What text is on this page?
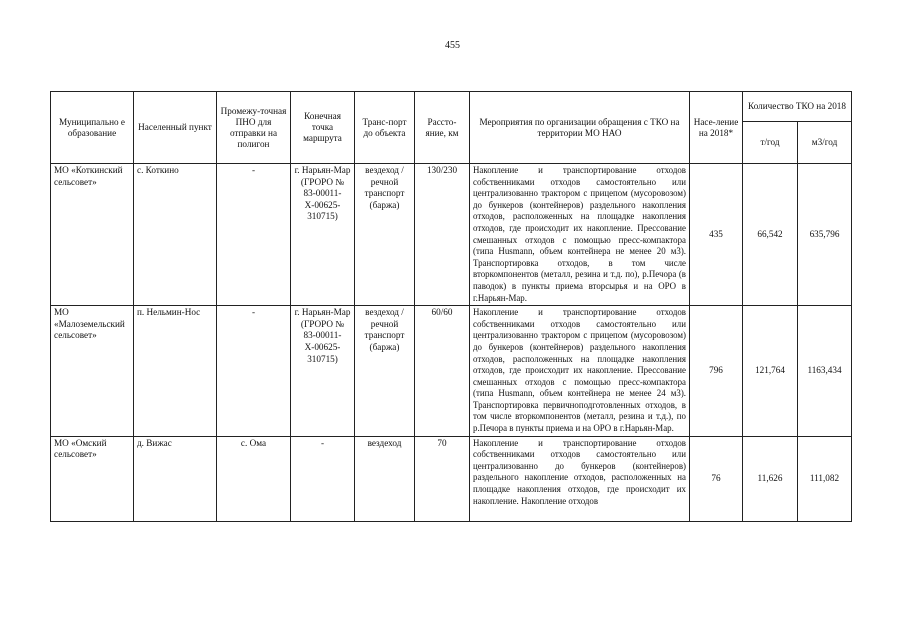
455
Муниципально е образование	Населенный пункт	Промежу-точная ПНО для отправки на полигон	Конечная точка маршрута	Транс-порт до объекта	Рассто-яние, км	Мероприятия по организации обращения с ТКО на территории МО НАО	Насе-ление на 2018*	Количество ТКО на 2018	
								т/год	м3/год
МО «Коткинский сельсовет»	с. Коткино	-	г. Нарьян-Мар (ГРОРО № 83-00011-Х-00625-310715)	вездеход / речной транспорт (баржа)	130/230	Накопление и транспортирование отходов собственниками отходов самостоятельно или централизованно трактором с прицепом (мусоровозом) до бункеров (контейнеров) раздельного накопления отходов, расположенных на площадке накопления отходов, где происходит их накопление. Прессование смешанных отходов с помощью пресс-компактора (типа Husmann, объем контейнера не менее 20 м3). Транспортировка отходов, в том числе вторкомпонентов (металл, резина и т.д. по), р.Печора (в паводок) в пункты приема вторсырья и на ОРО в г.Нарьян-Мар.	435	66,542	635,796
МО «Малоземельский сельсовет»	п. Нельмин-Нос	-	г. Нарьян-Мар (ГРОРО № 83-00011-Х-00625-310715)	вездеход / речной транспорт (баржа)	60/60	Накопление и транспортирование отходов собственниками отходов самостоятельно или централизованно трактором с прицепом (мусоровозом) до бункеров (контейнеров) раздельного накопления отходов, расположенных на площадке накопления отходов, где происходит их накопление. Прессование смешанных отходов с помощью пресс-компактора (типа Husmann, объем контейнера не менее 24 м3). Транспортировка первичноподготовленных отходов, в том числе вторкомпонентов (металл, резина и т.д.), по р.Печора в пункты приема и на ОРО в г.Нарьян-Мар.	796	121,764	1163,434
МО «Омский сельсовет»	д. Вижас	с. Ома	-	вездеход	70	Накопление и транспортирование отходов собственниками отходов самостоятельно или централизованно до бункеров (контейнеров) раздельного накопление отходов, расположенных на площадке накопления отходов, где происходит их накопление. Накопление отходов	76	11,626	111,082
